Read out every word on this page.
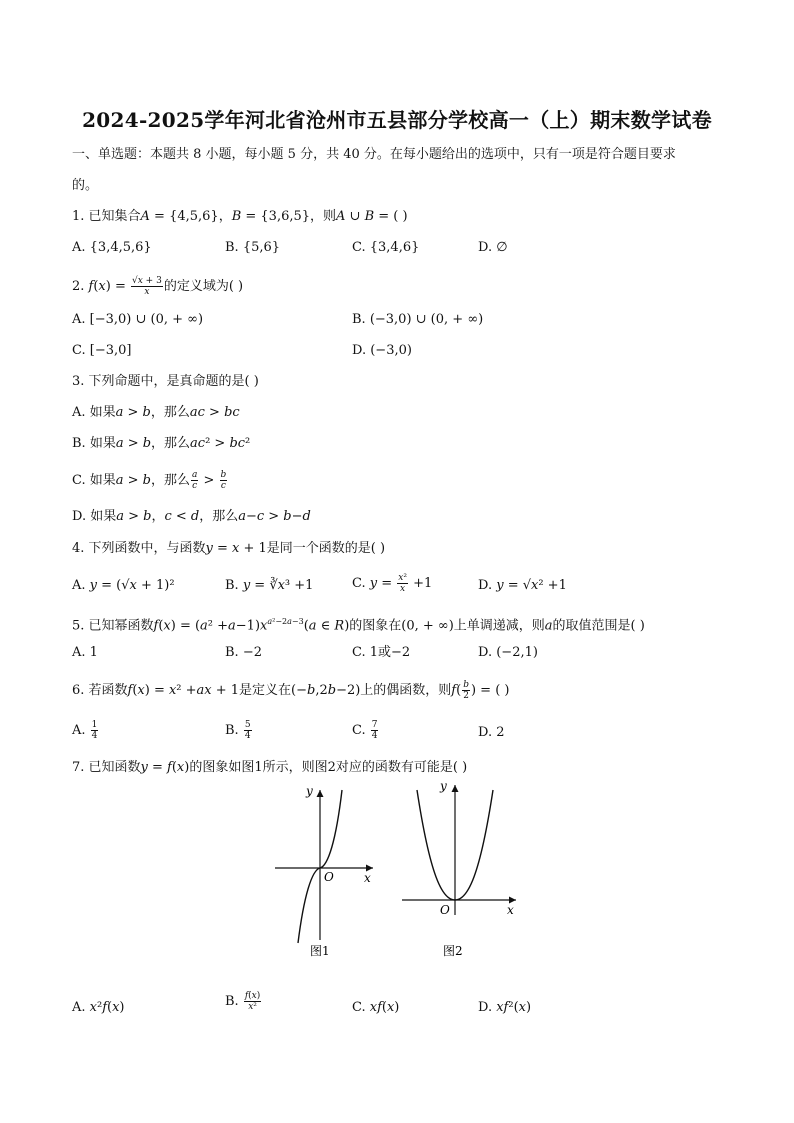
2024-2025学年河北省沧州市五县部分学校高一（上）期末数学试卷
一、单选题：本题共 8 小题，每小题 5 分，共 40 分。在每小题给出的选项中，只有一项是符合题目要求
的。
1. 已知集合𝐴 = {4,5,6}，𝐵 = {3,6,5}，则𝐴 ∪ 𝐵 = ( )
A. {3,4,5,6}	B. {5,6}	C. {3,4,6}	D. ∅
2. 𝑓(𝑥) = $\frac{\text{√𝑥 + 3}}{\text{𝑥}}$ 的定义域为( )
A. [−3,0) ∪ (0, + ∞)	B. (−3,0) ∪ (0, + ∞)
C. [−3,0]	D. (−3,0)
3. 下列命题中，是真命题的是( )
A. 如果𝑎 > 𝑏，那么𝑎𝑐 > 𝑏𝑐
B. 如果𝑎 > 𝑏，那么𝑎𝑐² > 𝑏𝑐²
C. 如果𝑎 > 𝑏，那么 $\frac{\text{𝑎}}{\text{𝑐}} > \frac{\text{𝑏}}{\text{𝑐}}$
D. 如果𝑎 > 𝑏，𝑐 < 𝑑，那么𝑎−𝑐 > 𝑏−𝑑
4. 下列函数中，与函数𝑦 = 𝑥 + 1是同一个函数的是( )
A. 𝑦 = (√𝑥 + 1)²	B. 𝑦 = ∛𝑥³ +1	C. 𝑦 = $\frac{\text{𝑥²}}{\text{𝑥}} +1$	D. 𝑦 = √𝑥² +1
5. 已知幂函数𝑓(𝑥) = (𝑎² +𝑎−1)𝑥$^{𝑎^2-2𝑎-3}$(𝑎 ∈ 𝑅)的图象在(0, + ∞)上单调递减，则𝑎的取值范围是( )
A. 1	B. −2	C. 1或−2	D. (−2,1)
6. 若函数𝑓(𝑥) = 𝑥² +𝑎𝑥 + 1是定义在(−𝑏,2𝑏−2)上的偶函数，则𝑓( $\frac{\text{𝑏}}{2}$ ) = ( )
A. $\frac{1}{4}$	B. $\frac{5}{4}$	C. $\frac{7}{4}$	D. 2
7. 已知函数𝑦 = 𝑓(𝑥)的图象如图1所示，则图2对应的函数有可能是( )
𝑦
𝑥
𝑂
图1
𝑦
𝑥
𝑂
图2
A. 𝑥²𝑓(𝑥)	B. $\frac{\text{𝑓(𝑥)}}{\text{𝑥²}}$	C. 𝑥𝑓(𝑥)	D. 𝑥𝑓²(𝑥)
